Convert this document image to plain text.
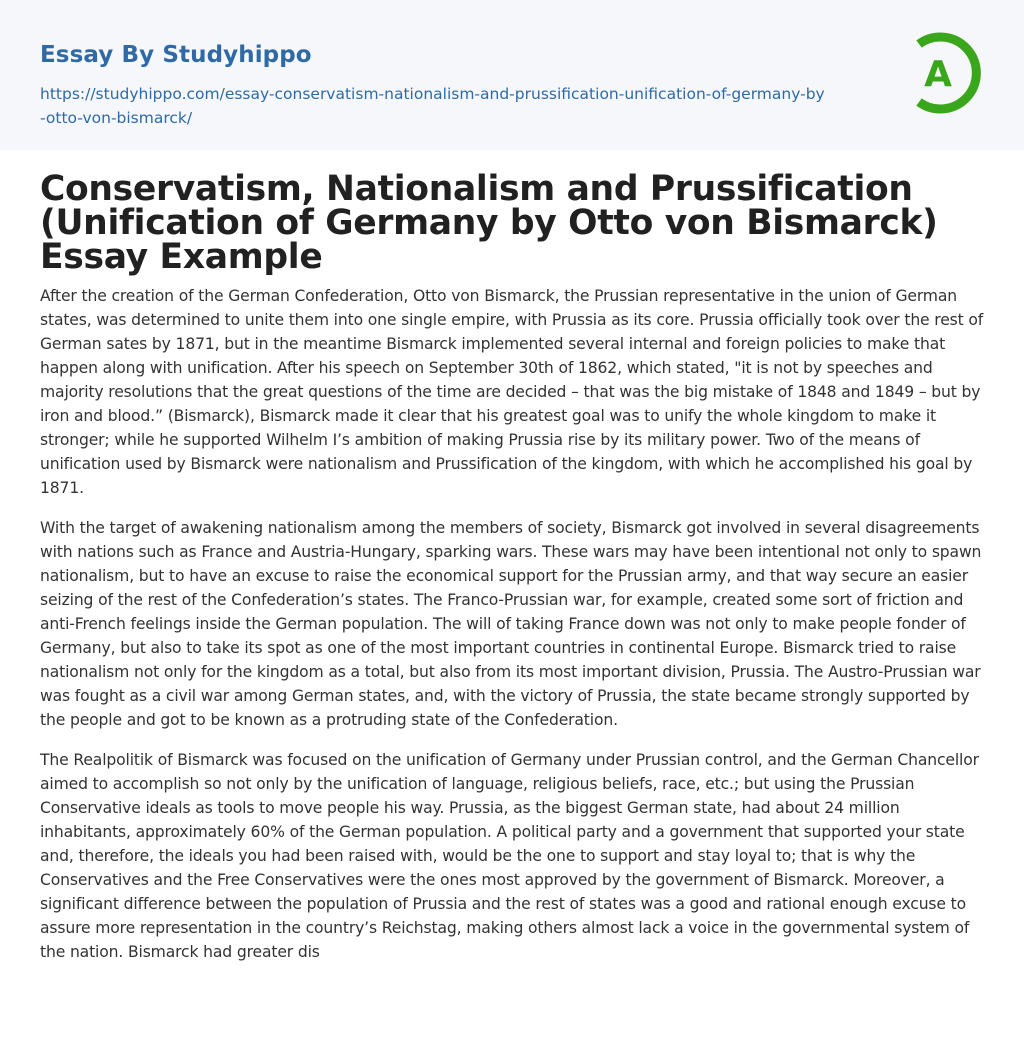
Essay By Studyhippo
https://studyhippo.com/essay-conservatism-nationalism-and-prussification-unification-of-germany-by-otto-von-bismarck/
A
Conservatism, Nationalism and Prussification (Unification of Germany by Otto von Bismarck) Essay Example

After the creation of the German Confederation, Otto von Bismarck, the Prussian representative in the union of German states, was determined to unite them into one single empire, with Prussia as its core. Prussia officially took over the rest of German sates by 1871, but in the meantime Bismarck implemented several internal and foreign policies to make that happen along with unification. After his speech on September 30th of 1862, which stated, "it is not by speeches and majority resolutions that the great questions of the time are decided – that was the big mistake of 1848 and 1849 – but by iron and blood.” (Bismarck), Bismarck made it clear that his greatest goal was to unify the whole kingdom to make it stronger; while he supported Wilhelm I’s ambition of making Prussia rise by its military power. Two of the means of unification used by Bismarck were nationalism and Prussification of the kingdom, with which he accomplished his goal by 1871.

With the target of awakening nationalism among the members of society, Bismarck got involved in several disagreements with nations such as France and Austria-Hungary, sparking wars. These wars may have been intentional not only to spawn nationalism, but to have an excuse to raise the economical support for the Prussian army, and that way secure an easier seizing of the rest of the Confederation’s states. The Franco-Prussian war, for example, created some sort of friction and anti-French feelings inside the German population. The will of taking France down was not only to make people fonder of Germany, but also to take its spot as one of the most important countries in continental Europe. Bismarck tried to raise nationalism not only for the kingdom as a total, but also from its most important division, Prussia. The Austro-Prussian war was fought as a civil war among German states, and, with the victory of Prussia, the state became strongly supported by the people and got to be known as a protruding state of the Confederation.

The Realpolitik of Bismarck was focused on the unification of Germany under Prussian control, and the German Chancellor aimed to accomplish so not only by the unification of language, religious beliefs, race, etc.; but using the Prussian Conservative ideals as tools to move people his way. Prussia, as the biggest German state, had about 24 million inhabitants, approximately 60% of the German population. A political party and a government that supported your state and, therefore, the ideals you had been raised with, would be the one to support and stay loyal to; that is why the Conservatives and the Free Conservatives were the ones most approved by the government of Bismarck. Moreover, a significant difference between the population of Prussia and the rest of states was a good and rational enough excuse to assure more representation in the country’s Reichstag, making others almost lack a voice in the governmental system of the nation. Bismarck had greater dis
